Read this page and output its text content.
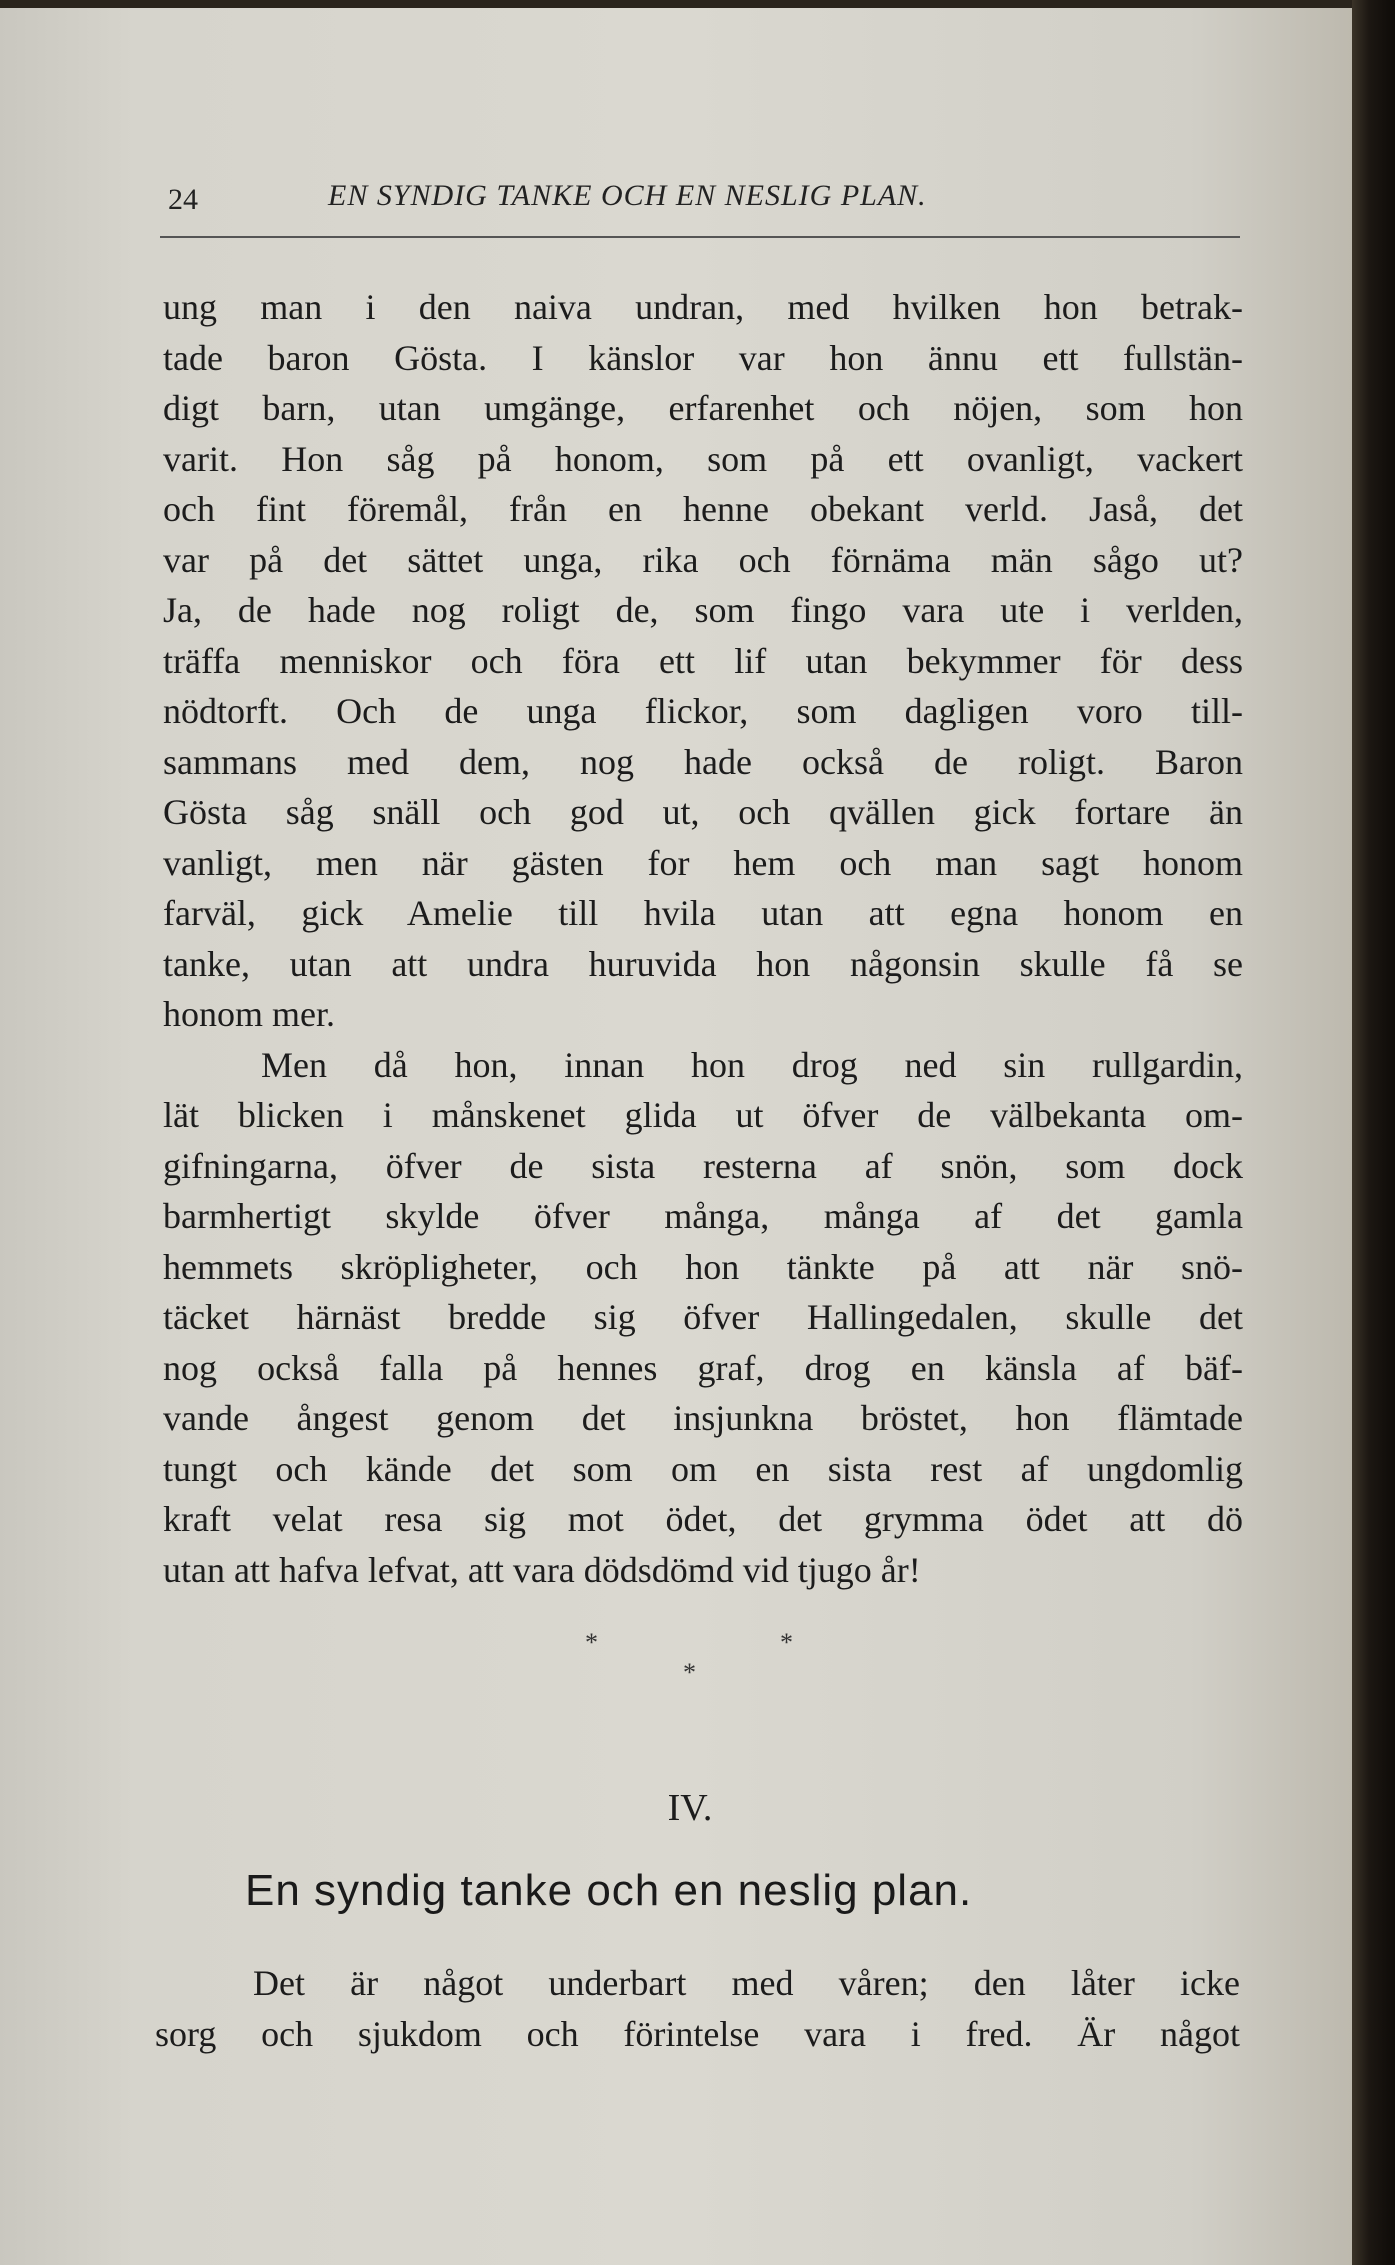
24	EN SYNDIG TANKE OCH EN NESLIG PLAN.
ung man i den naiva undran, med hvilken hon betrak-
tade baron Gösta. I känslor var hon ännu ett fullstän-
digt barn, utan umgänge, erfarenhet och nöjen, som hon
varit. Hon såg på honom, som på ett ovanligt, vackert
och fint föremål, från en henne obekant verld. Jaså, det
var på det sättet unga, rika och förnäma män sågo ut?
Ja, de hade nog roligt de, som fingo vara ute i verlden,
träffa menniskor och föra ett lif utan bekymmer för dess
nödtorft. Och de unga flickor, som dagligen voro till-
sammans med dem, nog hade också de roligt. Baron
Gösta såg snäll och god ut, och qvällen gick fortare än
vanligt, men när gästen for hem och man sagt honom
farväl, gick Amelie till hvila utan att egna honom en
tanke, utan att undra huruvida hon någonsin skulle få se
honom mer.
Men då hon, innan hon drog ned sin rullgardin,
lät blicken i månskenet glida ut öfver de välbekanta om-
gifningarna, öfver de sista resterna af snön, som dock
barmhertigt skylde öfver många, många af det gamla
hemmets skröpligheter, och hon tänkte på att när snö-
täcket härnäst bredde sig öfver Hallingedalen, skulle det
nog också falla på hennes graf, drog en känsla af bäf-
vande ångest genom det insjunkna bröstet, hon flämtade
tungt och kände det som om en sista rest af ungdomlig
kraft velat resa sig mot ödet, det grymma ödet att dö
utan att hafva lefvat, att vara dödsdömd vid tjugo år!
*	*
*
IV.
En syndig tanke och en neslig plan.
Det är något underbart med våren; den låter icke
sorg och sjukdom och förintelse vara i fred. Är något
